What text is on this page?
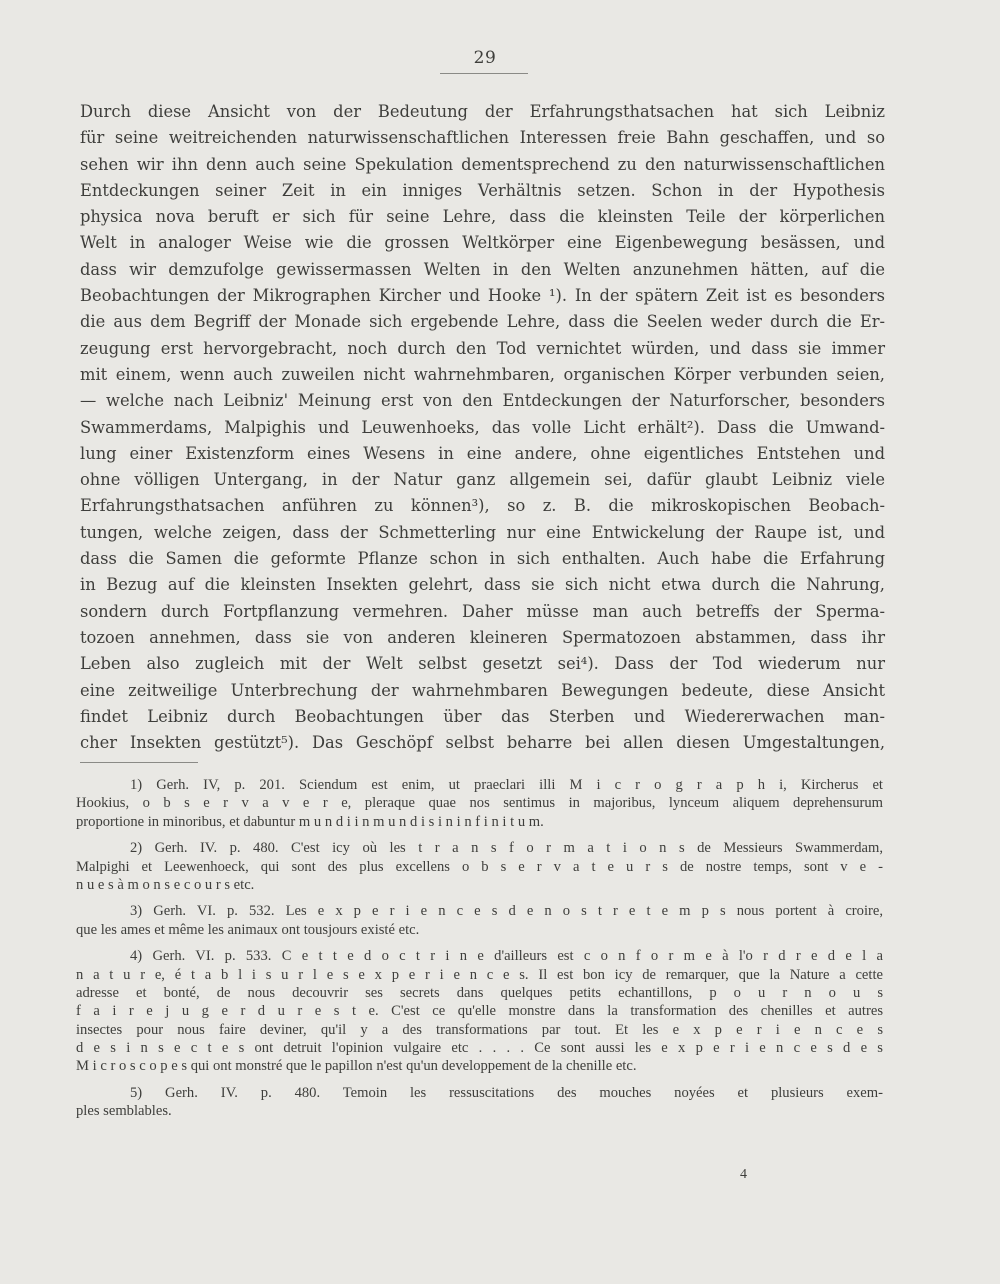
29
Durch diese Ansicht von der Bedeutung der Erfahrungsthatsachen hat sich Leibniz
für seine weitreichenden naturwissenschaftlichen Interessen freie Bahn geschaffen, und so
sehen wir ihn denn auch seine Spekulation dementsprechend zu den naturwissenschaftlichen
Entdeckungen seiner Zeit in ein inniges Verhältnis setzen. Schon in der Hypothesis
physica nova beruft er sich für seine Lehre, dass die kleinsten Teile der körperlichen
Welt in analoger Weise wie die grossen Weltkörper eine Eigenbewegung besässen, und
dass wir demzufolge gewissermassen Welten in den Welten anzunehmen hätten, auf die
Beobachtungen der Mikrographen Kircher und Hooke ¹). In der spätern Zeit ist es besonders
die aus dem Begriff der Monade sich ergebende Lehre, dass die Seelen weder durch die Er-
zeugung erst hervorgebracht, noch durch den Tod vernichtet würden, und dass sie immer
mit einem, wenn auch zuweilen nicht wahrnehmbaren, organischen Körper verbunden seien,
— welche nach Leibniz' Meinung erst von den Entdeckungen der Naturforscher, besonders
Swammerdams, Malpighis und Leuwenhoeks, das volle Licht erhält²). Dass die Umwand-
lung einer Existenzform eines Wesens in eine andere, ohne eigentliches Entstehen und
ohne völligen Untergang, in der Natur ganz allgemein sei, dafür glaubt Leibniz viele
Erfahrungsthatsachen anführen zu können³), so z. B. die mikroskopischen Beobach-
tungen, welche zeigen, dass der Schmetterling nur eine Entwickelung der Raupe ist, und
dass die Samen die geformte Pflanze schon in sich enthalten. Auch habe die Erfahrung
in Bezug auf die kleinsten Insekten gelehrt, dass sie sich nicht etwa durch die Nahrung,
sondern durch Fortpflanzung vermehren. Daher müsse man auch betreffs der Sperma-
tozoen annehmen, dass sie von anderen kleineren Spermatozoen abstammen, dass ihr
Leben also zugleich mit der Welt selbst gesetzt sei⁴). Dass der Tod wiederum nur
eine zeitweilige Unterbrechung der wahrnehmbaren Bewegungen bedeute, diese Ansicht
findet Leibniz durch Beobachtungen über das Sterben und Wiedererwachen man-
cher Insekten gestützt⁵). Das Geschöpf selbst beharre bei allen diesen Umgestaltungen,
1) Gerh. IV, p. 201. Sciendum est enim, ut praeclari illi M i c r o g r a p h i, Kircherus et
Hookius, o b s e r v a v e r e, pleraque quae nos sentimus in majoribus, lynceum aliquem deprehensurum
proportione in minoribus, et dabuntur m u n d i i n m u n d i s i n i n f i n i t u m.
2) Gerh. IV. p. 480. C'est icy où les t r a n s f o r m a t i o n s de Messieurs Swammerdam,
Malpighi et Leewenhoeck, qui sont des plus excellens o b s e r v a t e u r s de nostre temps, sont v e -
n u e s à m o n s e c o u r s etc.
3) Gerh. VI. p. 532. Les e x p e r i e n c e s d e n o s t r e t e m p s nous portent à croire,
que les ames et même les animaux ont tousjours existé etc.
4) Gerh. VI. p. 533. C e t t e d o c t r i n e d'ailleurs est c o n f o r m e à l'o r d r e d e l a
n a t u r e, é t a b l i s u r l e s e x p e r i e n c e s. Il est bon icy de remarquer, que la Nature a cette
adresse et bonté, de nous decouvrir ses secrets dans quelques petits echantillons, p o u r n o u s
f a i r e j u g e r d u r e s t e. C'est ce qu'elle monstre dans la transformation des chenilles et autres
insectes pour nous faire deviner, qu'il y a des transformations par tout. Et les e x p e r i e n c e s
d e s i n s e c t e s ont detruit l'opinion vulgaire etc . . . . Ce sont aussi les e x p e r i e n c e s d e s
M i c r o s c o p e s qui ont monstré que le papillon n'est qu'un developpement de la chenille etc.
5) Gerh. IV. p. 480. Temoin les ressuscitations des mouches noyées et plusieurs exem-
ples semblables.
4
